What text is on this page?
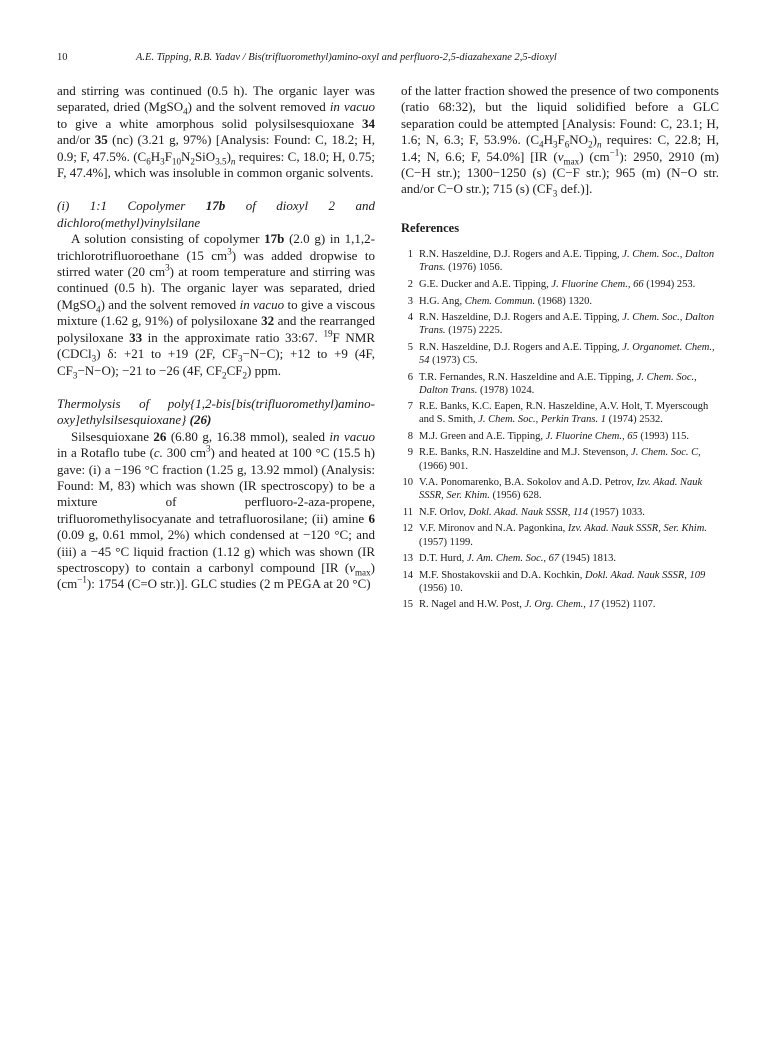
10	A.E. Tipping, R.B. Yadav / Bis(trifluoromethyl)amino-oxyl and perfluoro-2,5-diazahexane 2,5-dioxyl

and stirring was continued (0.5 h). The organic layer was separated, dried (MgSO$_4$) and the solvent removed in vacuo to give a white amorphous solid polysilsesquioxane 34 and/or 35 (nc) (3.21 g, 97%) [Analysis: Found: C, 18.2; H, 0.9; F, 47.5%. $(C_6H_3F_{10}N_2SiO_{3.5})_n$ requires: C, 18.0; H, 0.75; F, 47.4%], which was insoluble in common organic solvents.

(i) 1:1 Copolymer 17b of dioxyl 2 and dichloro(methyl)vinylsilane

A solution consisting of copolymer 17b (2.0 g) in 1,1,2-trichlorotrifluoroethane (15 $cm^3$) was added dropwise to stirred water (20 $cm^3$) at room temperature and stirring was continued (0.5 h). The organic layer was separated, dried (MgSO$_4$) and the solvent removed in vacuo to give a viscous mixture (1.62 g, 91%) of polysiloxane 32 and the rearranged polysiloxane 33 in the approximate ratio 33:67. $^{19}$F NMR (CDCl$_3$) δ: +21 to +19 (2F, $CF_3-N-C$); +12 to +9 (4F, $CF_3-N-O$); −21 to −26 (4F, $CF_2CF_2$) ppm.

Thermolysis of poly{1,2-bis[bis(trifluoromethyl)amino-oxy]ethylsilsesquioxane} (26)

Silsesquioxane 26 (6.80 g, 16.38 mmol), sealed in vacuo in a Rotaflo tube (c. 300 $cm^3$) and heated at 100 °C (15.5 h) gave: (i) a −196 °C fraction (1.25 g, 13.92 mmol) (Analysis: Found: M, 83) which was shown (IR spectroscopy) to be a mixture of perfluoro-2-aza-propene, trifluoromethylisocyanate and tetrafluorosilane; (ii) amine 6 (0.09 g, 0.61 mmol, 2%) which condensed at −120 °C; and (iii) a −45 °C liquid fraction (1.12 g) which was shown (IR spectroscopy) to contain a carbonyl compound [IR $(\nu_{max})$ $(cm^{-1})$: 1754 (C=O str.)]. GLC studies (2 m PEGA at 20 °C)

of the latter fraction showed the presence of two components (ratio 68:32), but the liquid solidified before a GLC separation could be attempted [Analysis: Found: C, 23.1; H, 1.6; N, 6.3; F, 53.9%. $(C_4H_3F_6NO_2)_n$ requires: C, 22.8; H, 1.4; N, 6.6; F, 54.0%] [IR $(\nu_{max})$ $(cm^{-1})$: 2950, 2910 (m) (C−H str.); 1300−1250 (s) (C−F str.); 965 (m) (N−O str. and/or C−O str.); 715 (s) ($CF_3$ def.)].

References
1 R.N. Haszeldine, D.J. Rogers and A.E. Tipping, J. Chem. Soc., Dalton Trans. (1976) 1056.
2 G.E. Ducker and A.E. Tipping, J. Fluorine Chem., 66 (1994) 253.
3 H.G. Ang, Chem. Commun. (1968) 1320.
4 R.N. Haszeldine, D.J. Rogers and A.E. Tipping, J. Chem. Soc., Dalton Trans. (1975) 2225.
5 R.N. Haszeldine, D.J. Rogers and A.E. Tipping, J. Organomet. Chem., 54 (1973) C5.
6 T.R. Fernandes, R.N. Haszeldine and A.E. Tipping, J. Chem. Soc., Dalton Trans. (1978) 1024.
7 R.E. Banks, K.C. Eapen, R.N. Haszeldine, A.V. Holt, T. Myerscough and S. Smith, J. Chem. Soc., Perkin Trans. 1 (1974) 2532.
8 M.J. Green and A.E. Tipping, J. Fluorine Chem., 65 (1993) 115.
9 R.E. Banks, R.N. Haszeldine and M.J. Stevenson, J. Chem. Soc. C, (1966) 901.
10 V.A. Ponomarenko, B.A. Sokolov and A.D. Petrov, Izv. Akad. Nauk SSSR, Ser. Khim. (1956) 628.
11 N.F. Orlov, Dokl. Akad. Nauk SSSR, 114 (1957) 1033.
12 V.F. Mironov and N.A. Pagonkina, Izv. Akad. Nauk SSSR, Ser. Khim. (1957) 1199.
13 D.T. Hurd, J. Am. Chem. Soc., 67 (1945) 1813.
14 M.F. Shostakovskii and D.A. Kochkin, Dokl. Akad. Nauk SSSR, 109 (1956) 10.
15 R. Nagel and H.W. Post, J. Org. Chem., 17 (1952) 1107.
